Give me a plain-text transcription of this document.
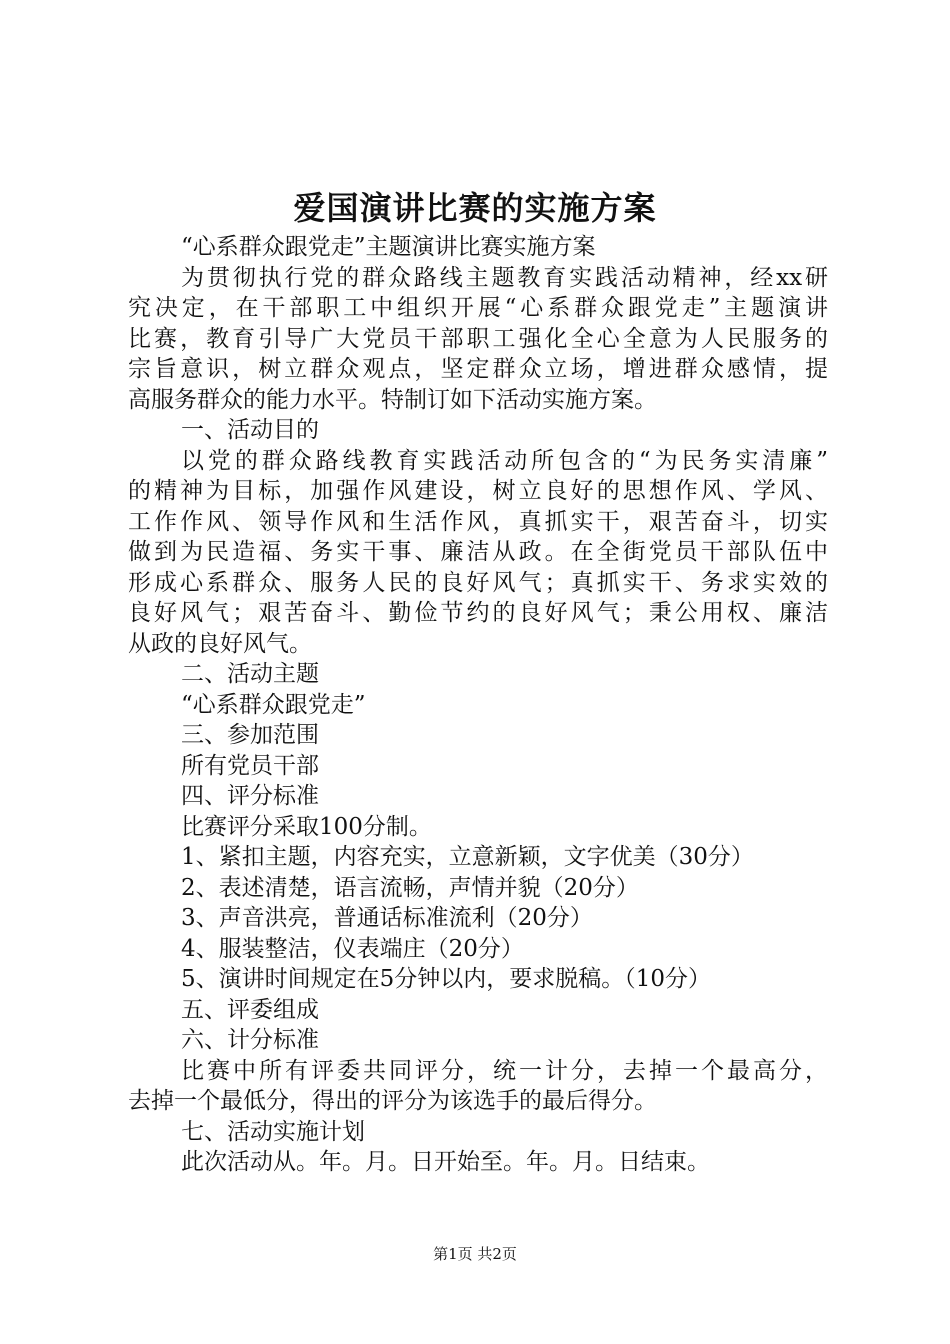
爱国演讲比赛的实施方案
“心系群众跟党走”主题演讲比赛实施方案
为贯彻执行党的群众路线主题教育实践活动精神，经xx研
究决定，在干部职工中组织开展“心系群众跟党走”主题演讲
比赛，教育引导广大党员干部职工强化全心全意为人民服务的
宗旨意识，树立群众观点，坚定群众立场，增进群众感情，提
高服务群众的能力水平。特制订如下活动实施方案。
一、活动目的
以党的群众路线教育实践活动所包含的“为民务实清廉”
的精神为目标，加强作风建设，树立良好的思想作风、学风、
工作作风、领导作风和生活作风，真抓实干，艰苦奋斗，切实
做到为民造福、务实干事、廉洁从政。在全街党员干部队伍中
形成心系群众、服务人民的良好风气；真抓实干、务求实效的
良好风气；艰苦奋斗、勤俭节约的良好风气；秉公用权、廉洁
从政的良好风气。
二、活动主题
“心系群众跟党走”
三、参加范围
所有党员干部
四、评分标准
比赛评分采取100分制。
1、紧扣主题，内容充实，立意新颖，文字优美（30分）
2、表述清楚，语言流畅，声情并貌（20分）
3、声音洪亮，普通话标准流利（20分）
4、服装整洁，仪表端庄（20分）
5、演讲时间规定在5分钟以内，要求脱稿。（10分）
五、评委组成
六、计分标准
比赛中所有评委共同评分，统一计分，去掉一个最高分，
去掉一个最低分，得出的评分为该选手的最后得分。
七、活动实施计划
此次活动从。年。月。日开始至。年。月。日结束。
第1页 共2页
